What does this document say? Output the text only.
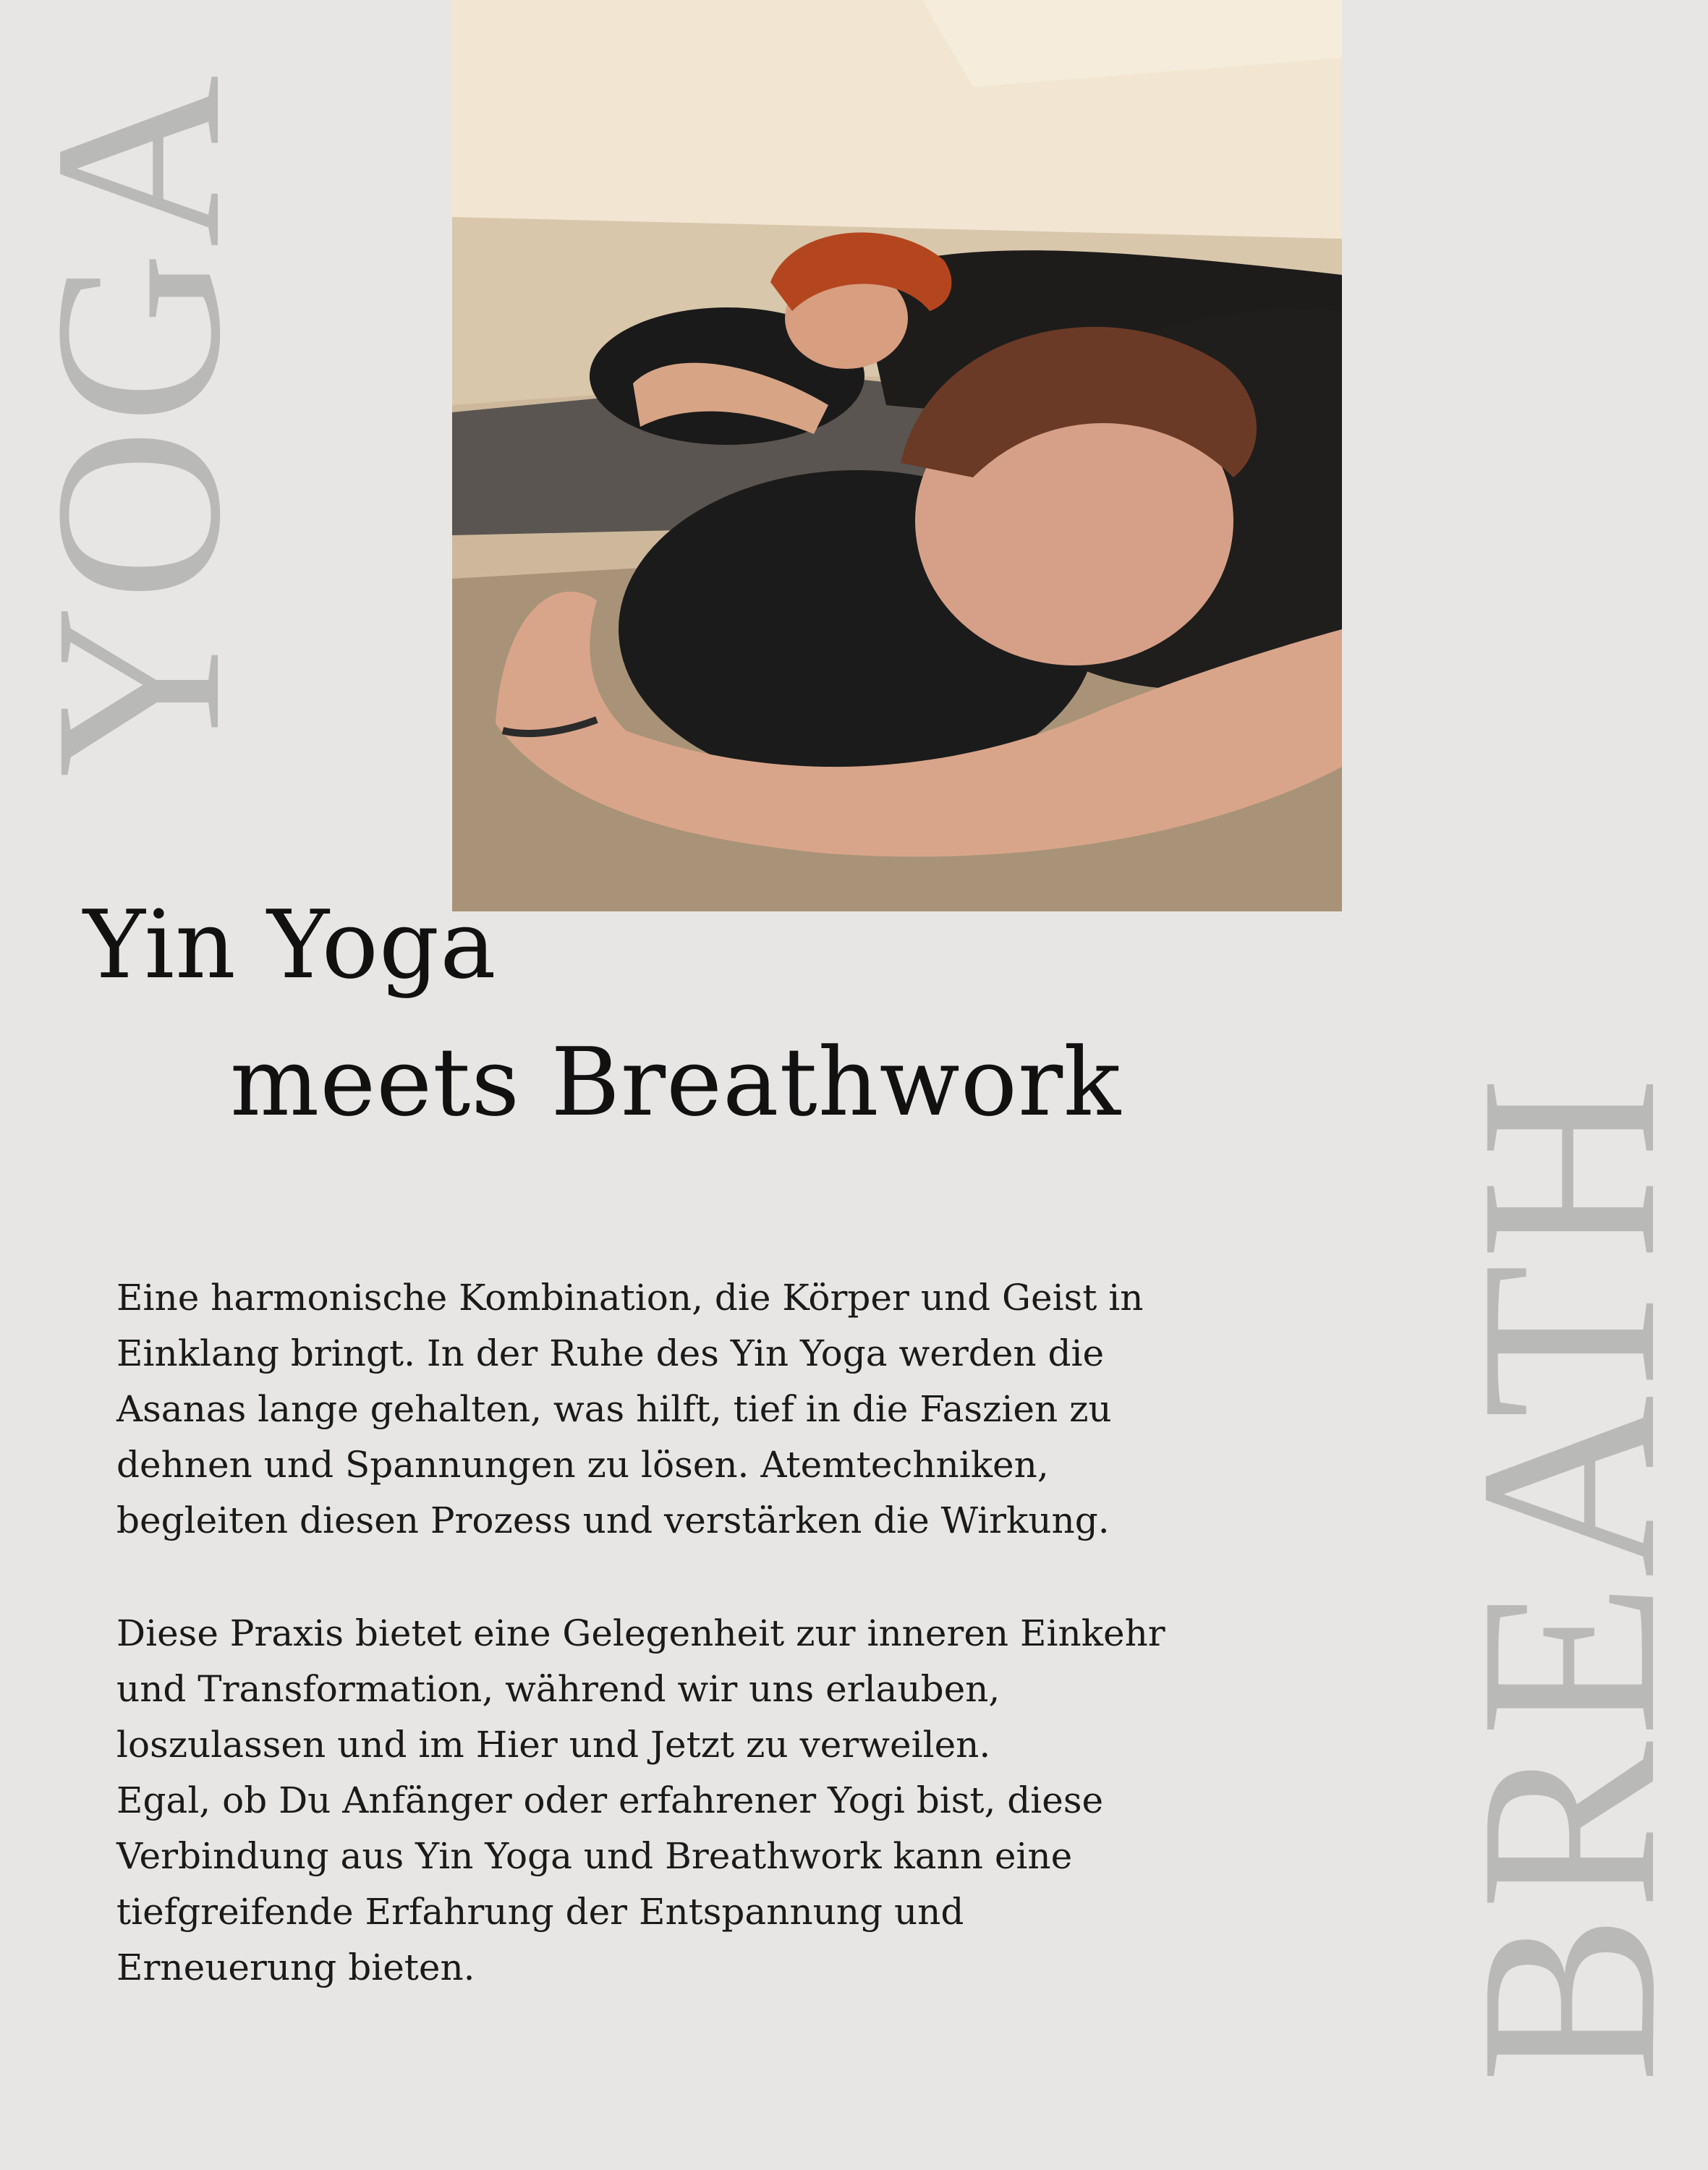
YOGA
BREATH
Yin Yoga
meets Breathwork
Eine harmonische Kombination, die Körper und Geist in
Einklang bringt. In der Ruhe des Yin Yoga werden die
Asanas lange gehalten, was hilft, tief in die Faszien zu
dehnen und Spannungen zu lösen. Atemtechniken,
begleiten diesen Prozess und verstärken die Wirkung.
Diese Praxis bietet eine Gelegenheit zur inneren Einkehr
und Transformation, während wir uns erlauben,
loszulassen und im Hier und Jetzt zu verweilen.
Egal, ob Du Anfänger oder erfahrener Yogi bist, diese
Verbindung aus Yin Yoga und Breathwork kann eine
tiefgreifende Erfahrung der Entspannung und
Erneuerung bieten.
